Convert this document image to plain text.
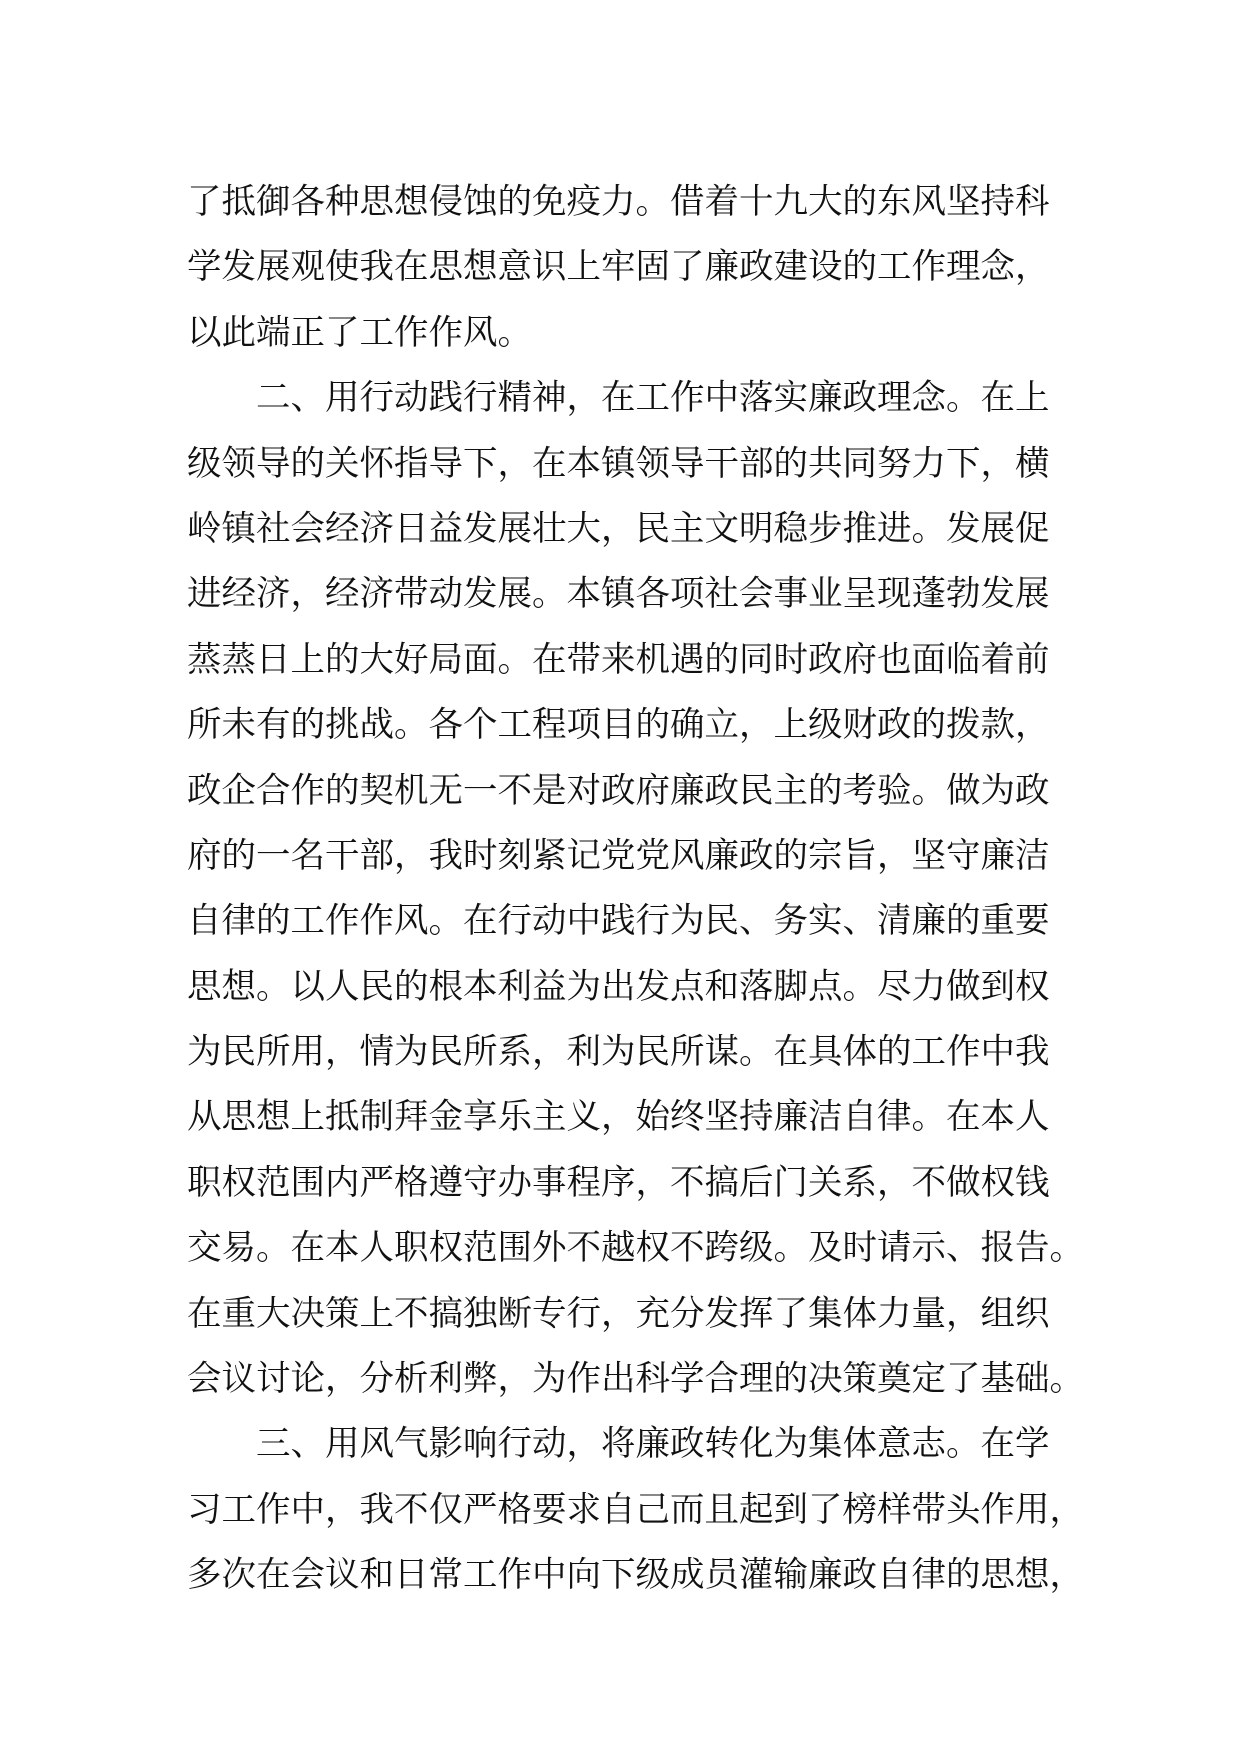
了抵御各种思想侵蚀的免疫力。借着十九大的东风坚持科
学发展观使我在思想意识上牢固了廉政建设的工作理念，
以此端正了工作作风。
二、用行动践行精神，在工作中落实廉政理念。在上
级领导的关怀指导下，在本镇领导干部的共同努力下，横
岭镇社会经济日益发展壮大，民主文明稳步推进。发展促
进经济，经济带动发展。本镇各项社会事业呈现蓬勃发展
蒸蒸日上的大好局面。在带来机遇的同时政府也面临着前
所未有的挑战。各个工程项目的确立，上级财政的拨款，
政企合作的契机无一不是对政府廉政民主的考验。做为政
府的一名干部，我时刻紧记党党风廉政的宗旨，坚守廉洁
自律的工作作风。在行动中践行为民、务实、清廉的重要
思想。以人民的根本利益为出发点和落脚点。尽力做到权
为民所用，情为民所系，利为民所谋。在具体的工作中我
从思想上抵制拜金享乐主义，始终坚持廉洁自律。在本人
职权范围内严格遵守办事程序，不搞后门关系，不做权钱
交易。在本人职权范围外不越权不跨级。及时请示、报告。
在重大决策上不搞独断专行，充分发挥了集体力量，组织
会议讨论，分析利弊，为作出科学合理的决策奠定了基础。
三、用风气影响行动，将廉政转化为集体意志。在学
习工作中，我不仅严格要求自己而且起到了榜样带头作用，
多次在会议和日常工作中向下级成员灌输廉政自律的思想，
